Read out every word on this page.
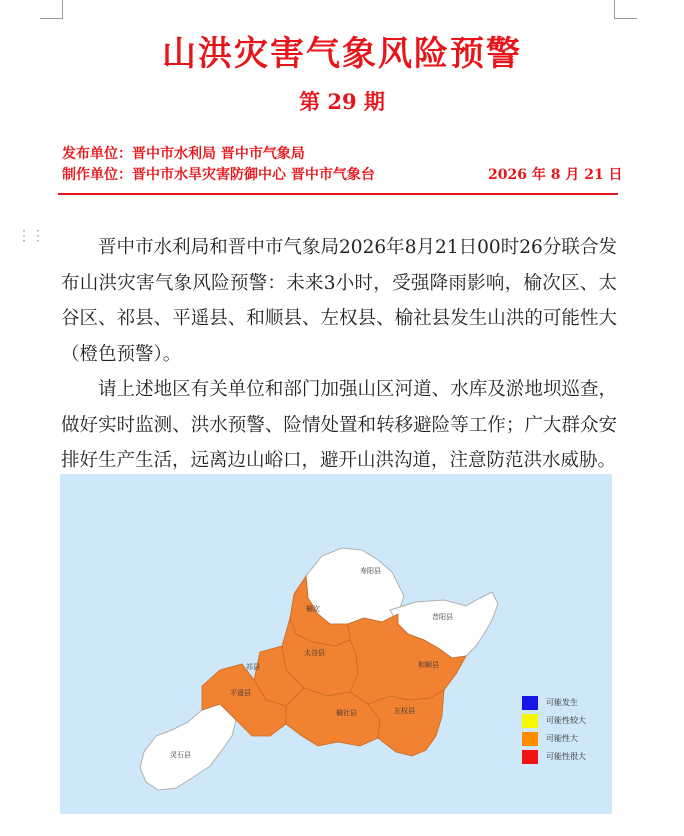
山洪灾害气象风险预警
第 29 期
发布单位：晋中市水利局 晋中市气象局
制作单位：晋中市水旱灾害防御中心 晋中市气象台	2026 年 8 月 21 日
⋮⋮

晋中市水利局和晋中市气象局2026年8月21日00时26分联合发布山洪灾害气象风险预警：未来3小时，受强降雨影响，榆次区、太谷区、祁县、平遥县、和顺县、左权县、榆社县发生山洪的可能性大（橙色预警）。

请上述地区有关单位和部门加强山区河道、水库及淤地坝巡查，做好实时监测、洪水预警、险情处置和转移避险等工作；广大群众安排好生产生活，远离边山峪口，避开山洪沟道，注意防范洪水威胁。

寿阳县
榆次
昔阳县
太谷县
祁县	和顺县
平遥县
榆社县	左权县
灵石县
可能发生
可能性较大
可能性大
可能性很大
